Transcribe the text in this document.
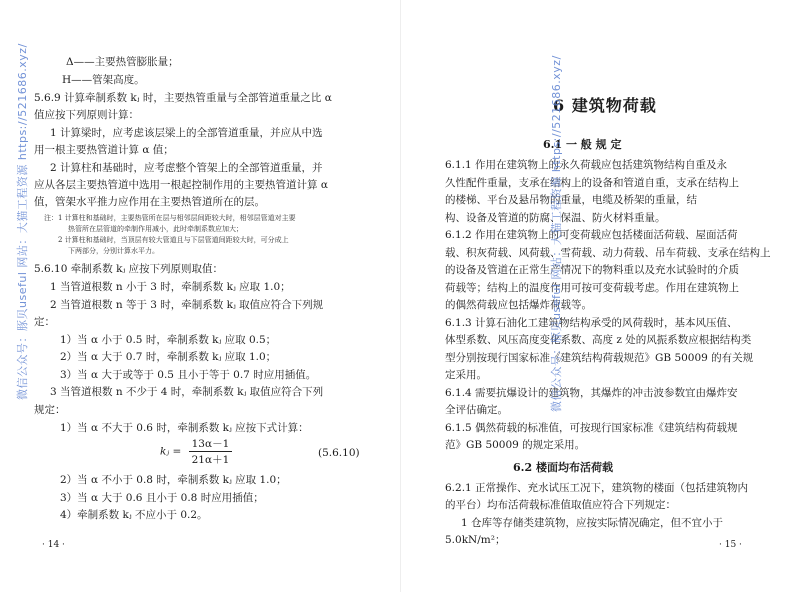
Δ——主要热管膨胀量；
H——管架高度。
5.6.9 计算牵制系数 kⱼ 时，主要热管重量与全部管道重量之比 α
值应按下列原则计算：
1 计算梁时，应考虑该层梁上的全部管道重量，并应从中选
用一根主要热管道计算 α 值；
2 计算柱和基础时，应考虑整个管架上的全部管道重量，并
应从各层主要热管道中选用一根起控制作用的主要热管道计算 α
值，管架水平推力应作用在主要热管道所在的层。
注： 1 计算柱和基础时，主要热管所在层与相邻层间距较大时，相邻层管道对主要
热管所在层管道的牵制作用减小，此时牵制系数应加大；
2 计算柱和基础时，当顶层有较大管道且与下层管道间距较大时，可分成上
下两部分，分别计算水平力。
5.6.10 牵制系数 kⱼ 应按下列原则取值：
1 当管道根数 n 小于 3 时，牵制系数 kⱼ 应取 1.0；
2 当管道根数 n 等于 3 时，牵制系数 kⱼ 取值应符合下列规
定：
1）当 α 小于 0.5 时，牵制系数 kⱼ 应取 0.5；
2）当 α 大于 0.7 时，牵制系数 kⱼ 应取 1.0；
3）当 α 大于或等于 0.5 且小于等于 0.7 时应用插值。
3 当管道根数 n 不少于 4 时，牵制系数 kⱼ 取值应符合下列
规定：
1）当 α 不大于 0.6 时，牵制系数 kⱼ 应按下式计算：
kⱼ = $\frac{13\alpha-1}{21\alpha+1}$	(5.6.10)
2）当 α 不小于 0.8 时，牵制系数 kⱼ 应取 1.0；
3）当 α 大于 0.6 且小于 0.8 时应用插值；
4）牵制系数 kⱼ 不应小于 0.2。
· 14 ·
6 建筑物荷载
6.1 一 般 规 定
6.1.1 作用在建筑物上的永久荷载应包括建筑物结构自重及永
久性配件重量，支承在结构上的设备和管道自重，支承在结构上
的楼梯、平台及悬吊物的重量，电缆及桥架的重量，结
构、设备及管道的防腐、保温、防火材料重量。
6.1.2 作用在建筑物上的可变荷载应包括楼面活荷载、屋面活荷
载、积灰荷载、风荷载、雪荷载、动力荷载、吊车荷载、支承在结构上
的设备及管道在正常生产情况下的物料重以及充水试验时的介质
荷载等；结构上的温度作用可按可变荷载考虑。作用在建筑物上
的偶然荷载应包括爆炸荷载等。
6.1.3 计算石油化工建筑物结构承受的风荷载时，基本风压值、
体型系数、风压高度变化系数、高度 z 处的风振系数应根据结构类
型分别按现行国家标准《建筑结构荷载规范》GB 50009 的有关规
定采用。
6.1.4 需要抗爆设计的建筑物，其爆炸的冲击波参数宜由爆炸安
全评估确定。
6.1.5 偶然荷载的标准值，可按现行国家标准《建筑结构荷载规
范》GB 50009 的规定采用。
6.2 楼面均布活荷载
6.2.1 正常操作、充水试压工况下，建筑物的楼面（包括建筑物内
的平台）均布活荷载标准值取值应符合下列规定：
1 仓库等存储类建筑物，应按实际情况确定，但不宜小于
5.0kN/m²；	· 15 ·
微信公众号：豚贝useful 网站：大猫工程资源 https://521686.xyz/	微信公众号：豚贝useful 网站：大猫工程资源 https://521686.xyz/
